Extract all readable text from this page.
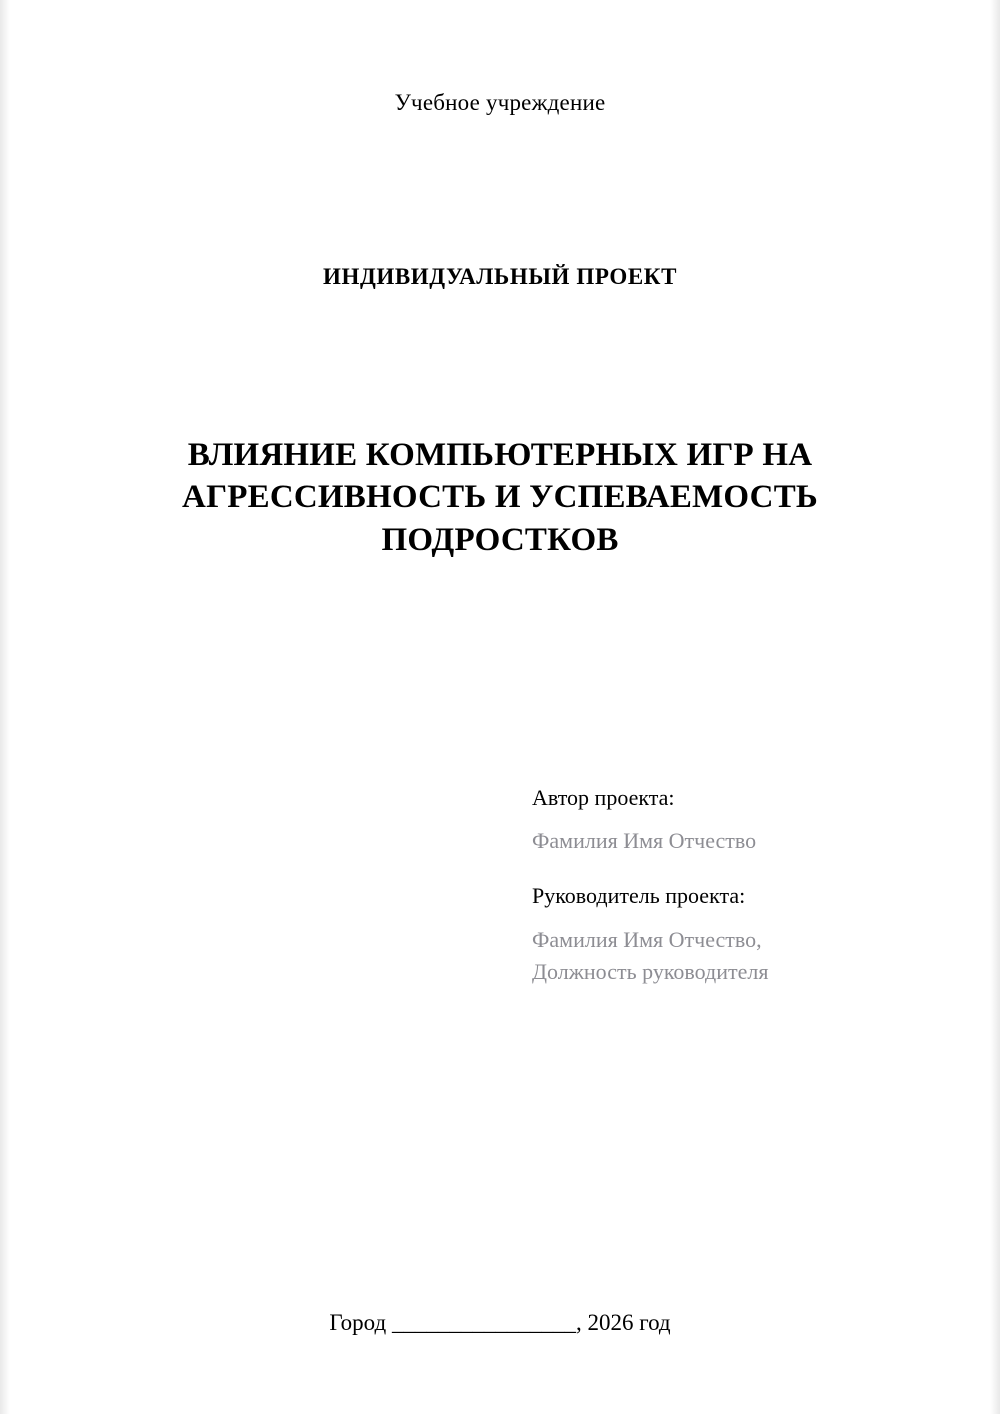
Учебное учреждение
ИНДИВИДУАЛЬНЫЙ ПРОЕКТ
ВЛИЯНИЕ КОМПЬЮТЕРНЫХ ИГР НА АГРЕССИВНОСТЬ И УСПЕВАЕМОСТЬ ПОДРОСТКОВ
Автор проекта:
Фамилия Имя Отчество
Руководитель проекта:
Фамилия Имя Отчество,
Должность руководителя
Город ________________, 2026 год
